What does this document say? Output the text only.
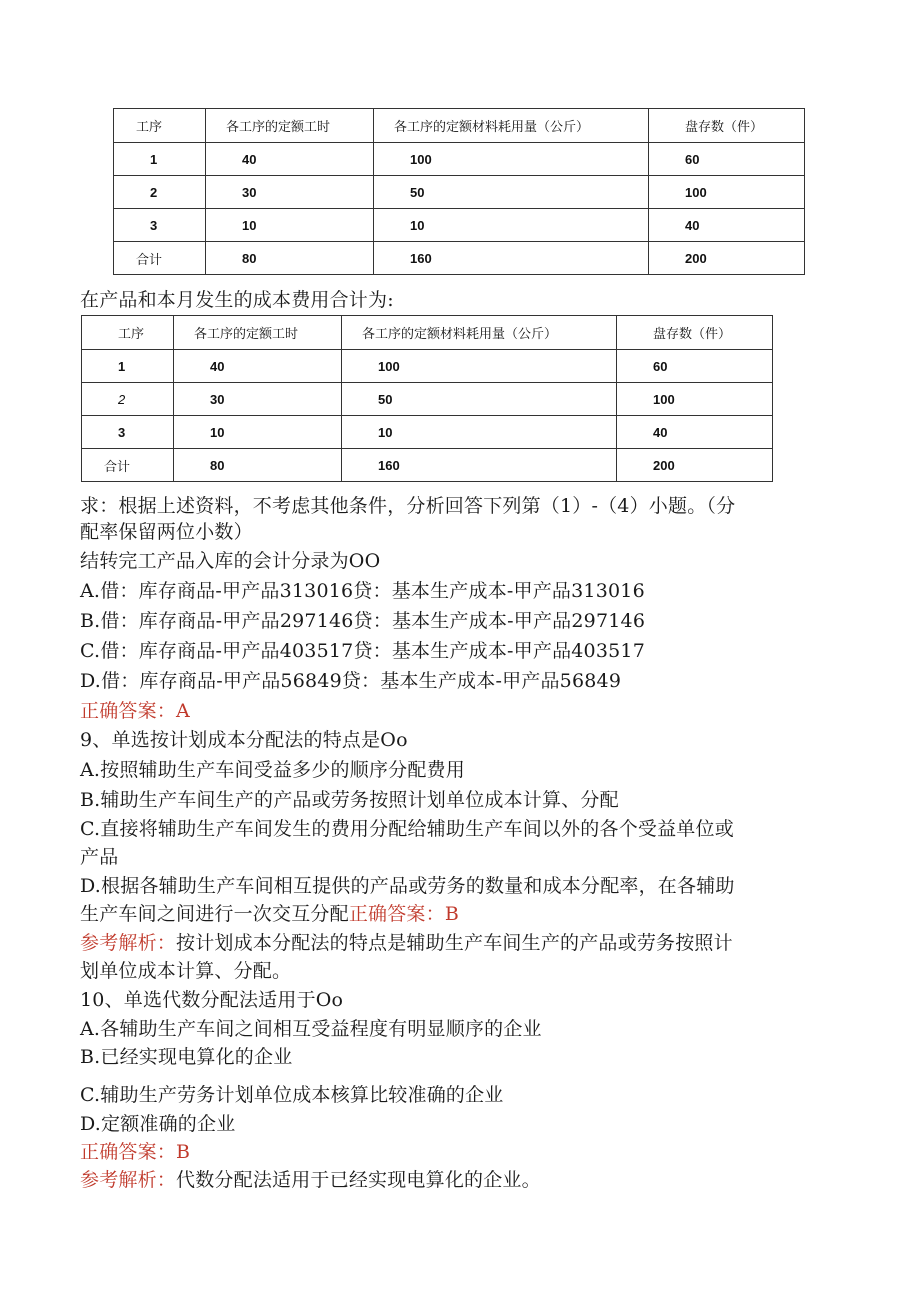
工序	各工序的定额工时	各工序的定额材料耗用量（公斤）	盘存数（件）
1	40	100	60
2	30	50	100
3	10	10	40
合计	80	160	200
在产品和本月发生的成本费用合计为:
工序	各工序的定额工时	各工序的定额材料耗用量（公斤）	盘存数（件）
1	40	100	60
2	30	50	100
3	10	10	40
合计	80	160	200
求：根据上述资料，不考虑其他条件，分析回答下列第（1）-（4）小题。（分
配率保留两位小数）
结转完工产品入库的会计分录为OO
A.借：库存商品-甲产品313016贷：基本生产成本-甲产品313016
B.借：库存商品-甲产品297146贷：基本生产成本-甲产品297146
C.借：库存商品-甲产品403517贷：基本生产成本-甲产品403517
D.借：库存商品-甲产品56849贷：基本生产成本-甲产品56849
正确答案：A
9、单选按计划成本分配法的特点是Oo
A.按照辅助生产车间受益多少的顺序分配费用
B.辅助生产车间生产的产品或劳务按照计划单位成本计算、分配
C.直接将辅助生产车间发生的费用分配给辅助生产车间以外的各个受益单位或
产品
D.根据各辅助生产车间相互提供的产品或劳务的数量和成本分配率，在各辅助
生产车间之间进行一次交互分配正确答案：B
参考解析：按计划成本分配法的特点是辅助生产车间生产的产品或劳务按照计
划单位成本计算、分配。
10、单选代数分配法适用于Oo
A.各辅助生产车间之间相互受益程度有明显顺序的企业
B.已经实现电算化的企业
C.辅助生产劳务计划单位成本核算比较准确的企业
D.定额准确的企业
正确答案：B
参考解析：代数分配法适用于已经实现电算化的企业。
